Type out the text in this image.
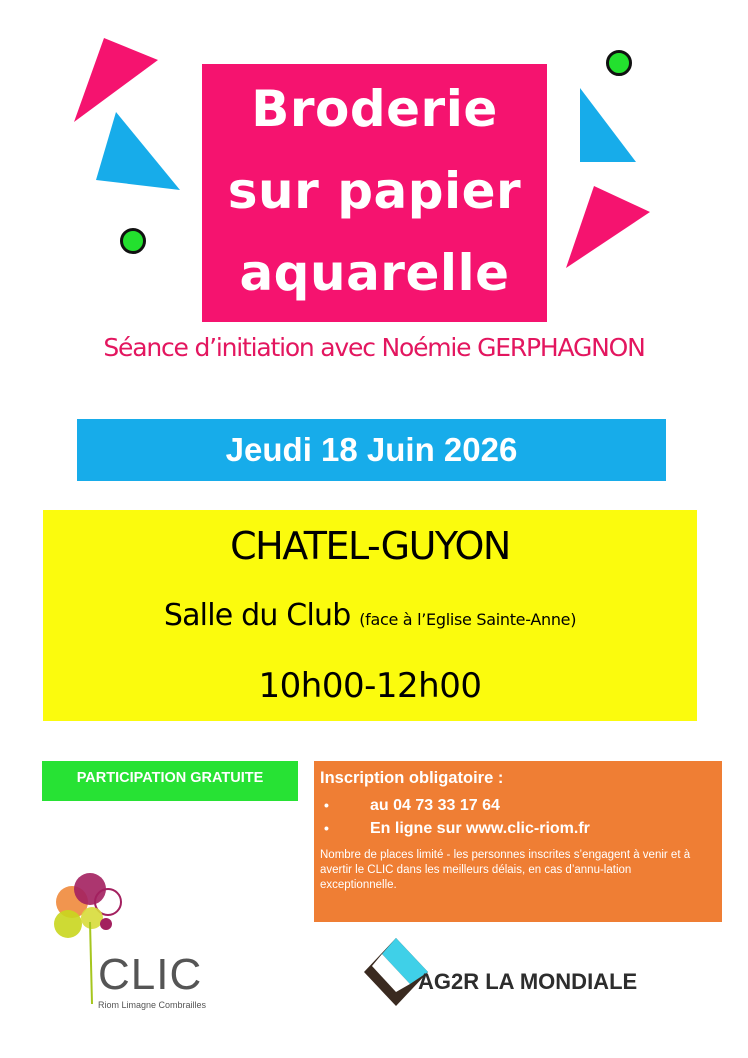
Broderie
sur papier
aquarelle
Séance d’initiation avec Noémie GERPHAGNON
Jeudi 18 Juin 2026
CHATEL-GUYON
Salle du Club (face à l’Eglise Sainte-Anne)
10h00-12h00
PARTICIPATION GRATUITE	Inscription obligatoire :
•	au 04 73 33 17 64
•	En ligne sur www.clic-riom.fr
Nombre de places limité - les personnes inscrites s’engagent à venir et à avertir le CLIC dans les meilleurs délais, en cas d’annu-lation exceptionnelle.
CLIC
Riom Limagne Combrailles
AG2R LA MONDIALE
